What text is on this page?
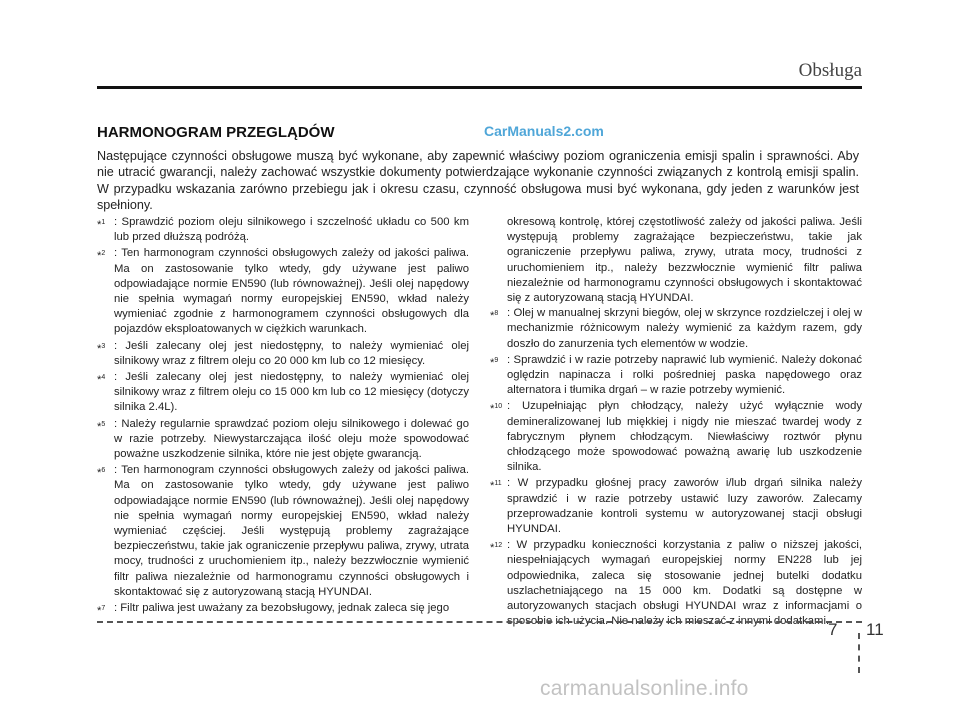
Obsługa
HARMONOGRAM PRZEGLĄDÓW	CarManuals2.com
Następujące czynności obsługowe muszą być wykonane, aby zapewnić właściwy poziom ograniczenia emisji spalin i sprawności. Aby nie utracić gwarancji, należy zachować wszystkie dokumenty potwierdzające wykonanie czynności związanych z kontrolą emisji spalin. W przypadku wskazania zarówno przebiegu jak i okresu czasu, czynność obsługowa musi być wykonana, gdy jeden z warunków jest spełniony.
*$^1$ : Sprawdzić poziom oleju silnikowego i szczelność układu co 500 km lub przed dłuższą podróżą.
*$^2$ : Ten harmonogram czynności obsługowych zależy od jakości paliwa. Ma on zastosowanie tylko wtedy, gdy używane jest paliwo odpowiadające normie EN590 (lub równoważnej). Jeśli olej napędowy nie spełnia wymagań normy europejskiej EN590, wkład należy wymieniać zgodnie z harmonogramem czynności obsługowych dla pojazdów eksploatowanych w ciężkich warunkach.
*$^3$ : Jeśli zalecany olej jest niedostępny, to należy wymieniać olej silnikowy wraz z filtrem oleju co 20 000 km lub co 12 miesięcy.
*$^4$ : Jeśli zalecany olej jest niedostępny, to należy wymieniać olej silnikowy wraz z filtrem oleju co 15 000 km lub co 12 miesięcy (dotyczy silnika 2.4L).
*$^5$ : Należy regularnie sprawdzać poziom oleju silnikowego i dolewać go w razie potrzeby. Niewystarczająca ilość oleju może spowodować poważne uszkodzenie silnika, które nie jest objęte gwarancją.
*$^6$ : Ten harmonogram czynności obsługowych zależy od jakości paliwa. Ma on zastosowanie tylko wtedy, gdy używane jest paliwo odpowiadające normie EN590 (lub równoważnej). Jeśli olej napędowy nie spełnia wymagań normy europejskiej EN590, wkład należy wymieniać częściej. Jeśli występują problemy zagrażające bezpieczeństwu, takie jak ograniczenie przepływu paliwa, zrywy, utrata mocy, trudności z uruchomieniem itp., należy bezzwłocznie wymienić filtr paliwa niezależnie od harmonogramu czynności obsługowych i skontaktować się z autoryzowaną stacją HYUNDAI.
*$^7$ : Filtr paliwa jest uważany za bezobsługowy, jednak zaleca się jego
okresową kontrolę, której częstotliwość zależy od jakości paliwa. Jeśli występują problemy zagrażające bezpieczeństwu, takie jak ograniczenie przepływu paliwa, zrywy, utrata mocy, trudności z uruchomieniem itp., należy bezzwłocznie wymienić filtr paliwa niezależnie od harmonogramu czynności obsługowych i skontaktować się z autoryzowaną stacją HYUNDAI.
*$^8$ : Olej w manualnej skrzyni biegów, olej w skrzynce rozdzielczej i olej w mechanizmie różnicowym należy wymienić za każdym razem, gdy doszło do zanurzenia tych elementów w wodzie.
*$^9$ : Sprawdzić i w razie potrzeby naprawić lub wymienić. Należy dokonać oględzin napinacza i rolki pośredniej paska napędowego oraz alternatora i tłumika drgań – w razie potrzeby wymienić.
*$^{10}$ : Uzupełniając płyn chłodzący, należy użyć wyłącznie wody demineralizowanej lub miękkiej i nigdy nie mieszać twardej wody z fabrycznym płynem chłodzącym. Niewłaściwy roztwór płynu chłodzącego może spowodować poważną awarię lub uszkodzenie silnika.
*$^{11}$ : W przypadku głośnej pracy zaworów i/lub drgań silnika należy sprawdzić i w razie potrzeby ustawić luzy zaworów. Zalecamy przeprowadzanie kontroli systemu w autoryzowanej stacji obsługi HYUNDAI.
*$^{12}$ : W przypadku konieczności korzystania z paliw o niższej jakości, niespełniających wymagań europejskiej normy EN228 lub jej odpowiednika, zaleca się stosowanie jednej butelki dodatku uszlachetniającego na 15 000 km. Dodatki są dostępne w autoryzowanych stacjach obsługi HYUNDAI wraz z informacjami o sposobie ich użycia. Nie należy ich mieszać z innymi dodatkami.
7 11
carmanualsonline.info
